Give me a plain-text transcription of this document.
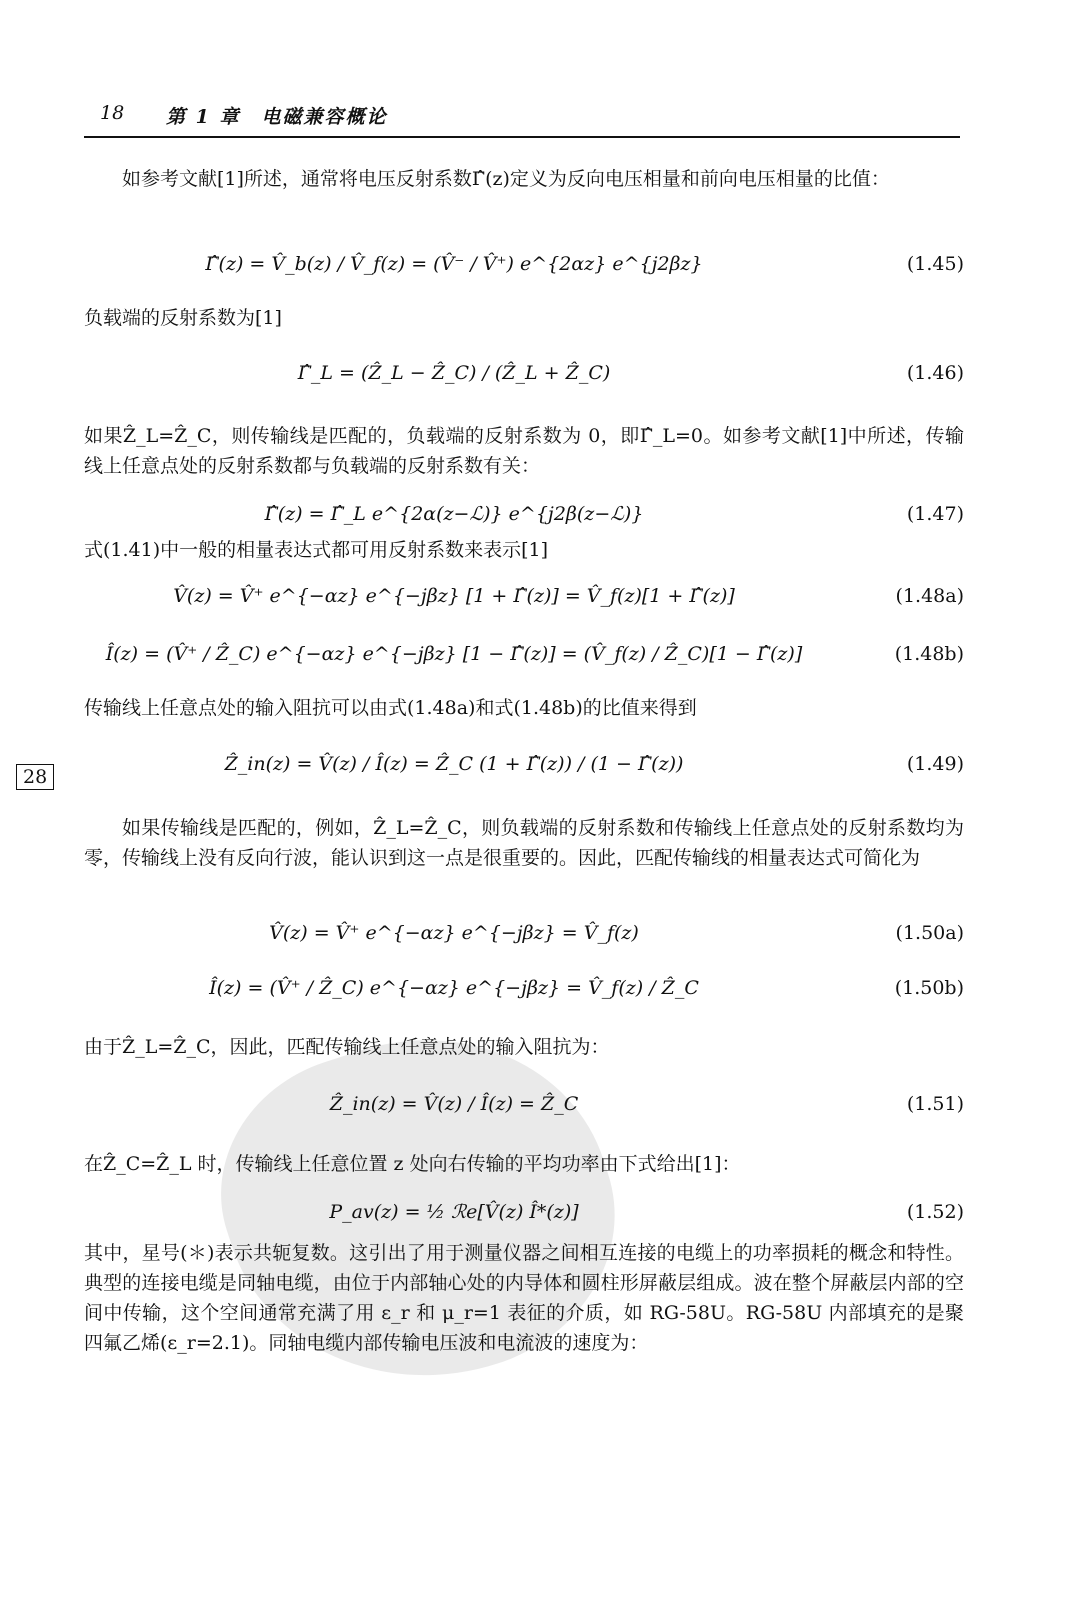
18 第 1 章　电磁兼容概论
28

如参考文献[1]所述，通常将电压反射系数Γ̂(z)定义为反向电压相量和前向电压相量的比值：

Γ̂(z) = V̂_b(z) / V̂_f(z) = (V̂⁻ / V̂⁺) e^{2αz} e^{j2βz}	(1.45)

负载端的反射系数为[1]

Γ̂_L = (Ẑ_L − Ẑ_C) / (Ẑ_L + Ẑ_C)	(1.46)

如果Ẑ_L=Ẑ_C，则传输线是匹配的，负载端的反射系数为 0，即Γ̂_L=0。如参考文献[1]中所述，传输线上任意点处的反射系数都与负载端的反射系数有关：

Γ̂(z) = Γ̂_L e^{2α(z−ℒ)} e^{j2β(z−ℒ)}	(1.47)

式(1.41)中一般的相量表达式都可用反射系数来表示[1]

V̂(z) = V̂⁺ e^{−αz} e^{−jβz} [1 + Γ̂(z)] = V̂_f(z)[1 + Γ̂(z)]	(1.48a)
Î(z) = (V̂⁺ / Ẑ_C) e^{−αz} e^{−jβz} [1 − Γ̂(z)] = (V̂_f(z) / Ẑ_C)[1 − Γ̂(z)]	(1.48b)

传输线上任意点处的输入阻抗可以由式(1.48a)和式(1.48b)的比值来得到

Ẑ_in(z) = V̂(z) / Î(z) = Ẑ_C (1 + Γ̂(z)) / (1 − Γ̂(z))	(1.49)

如果传输线是匹配的，例如，Ẑ_L=Ẑ_C，则负载端的反射系数和传输线上任意点处的反射系数均为零，传输线上没有反向行波，能认识到这一点是很重要的。因此，匹配传输线的相量表达式可简化为

V̂(z) = V̂⁺ e^{−αz} e^{−jβz} = V̂_f(z)	(1.50a)
Î(z) = (V̂⁺ / Ẑ_C) e^{−αz} e^{−jβz} = V̂_f(z) / Ẑ_C	(1.50b)

由于Ẑ_L=Ẑ_C，因此，匹配传输线上任意点处的输入阻抗为：

Ẑ_in(z) = V̂(z) / Î(z) = Ẑ_C	(1.51)

在Ẑ_C=Ẑ_L 时，传输线上任意位置 z 处向右传输的平均功率由下式给出[1]：

P_av(z) = ½ ℛe[V̂(z) Î*(z)]	(1.52)

其中，星号(＊)表示共轭复数。这引出了用于测量仪器之间相互连接的电缆上的功率损耗的概念和特性。典型的连接电缆是同轴电缆，由位于内部轴心处的内导体和圆柱形屏蔽层组成。波在整个屏蔽层内部的空间中传输，这个空间通常充满了用 ε_r 和 μ_r=1 表征的介质，如 RG-58U。RG-58U 内部填充的是聚四氟乙烯(ε_r=2.1)。同轴电缆内部传输电压波和电流波的速度为：
